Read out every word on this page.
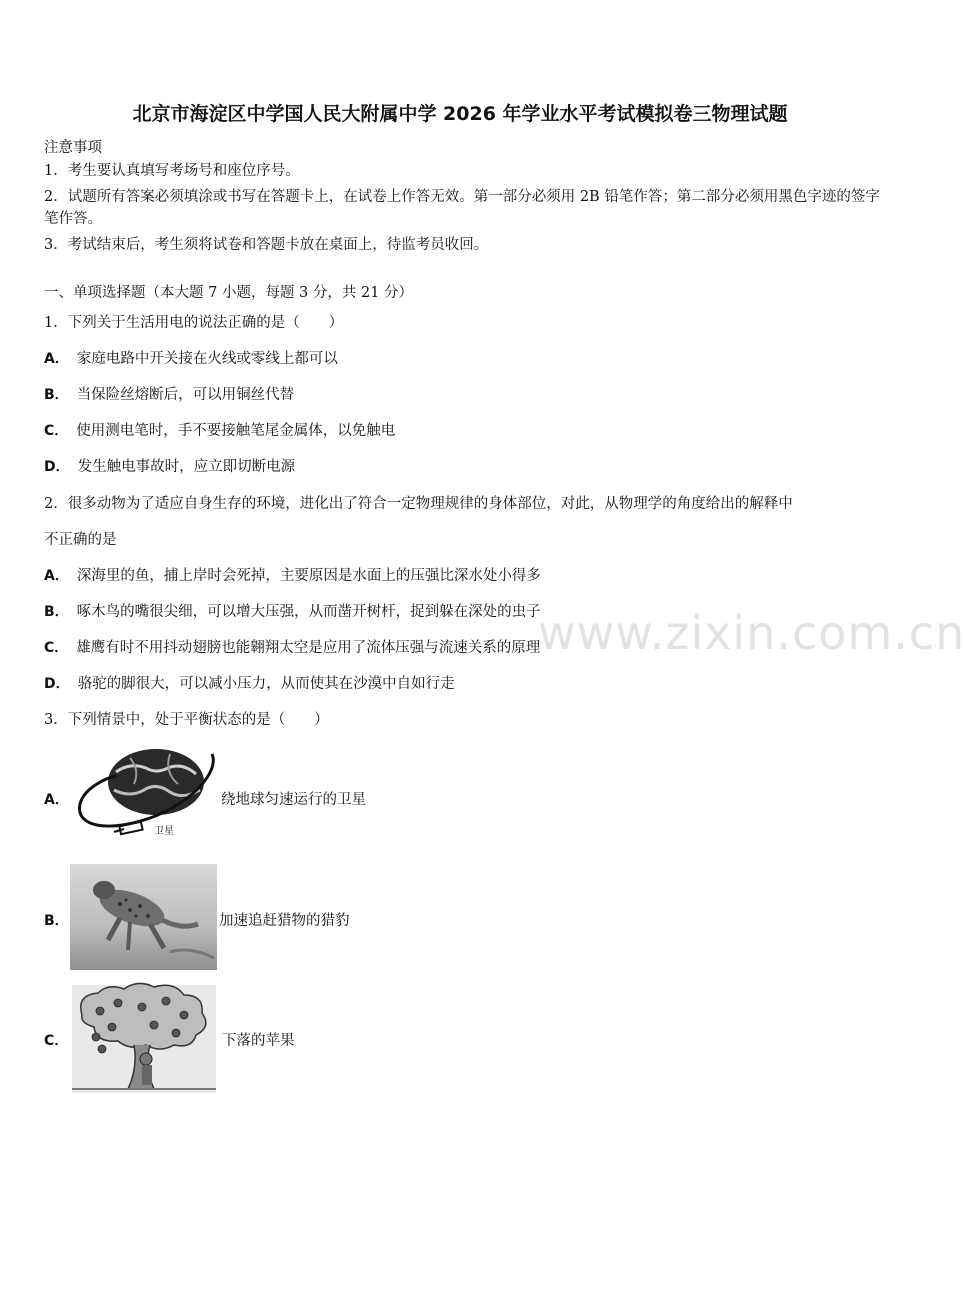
www.zixin.com.cn
北京市海淀区中学国人民大附属中学 2026 年学业水平考试模拟卷三物理试题
注意事项
1．考生要认真填写考场号和座位序号。
2．试题所有答案必须填涂或书写在答题卡上，在试卷上作答无效。第一部分必须用 2B 铅笔作答；第二部分必须用黑色字迹的签字笔作答。
3．考试结束后，考生须将试卷和答题卡放在桌面上，待监考员收回。
一、单项选择题（本大题 7 小题，每题 3 分，共 21 分）
1．下列关于生活用电的说法正确的是（　　）
A． 家庭电路中开关接在火线或零线上都可以
B． 当保险丝熔断后，可以用铜丝代替
C． 使用测电笔时，手不要接触笔尾金属体，以免触电
D． 发生触电事故时，应立即切断电源
2．很多动物为了适应自身生存的环境，进化出了符合一定物理规律的身体部位，对此，从物理学的角度给出的解释中
不正确的是
A． 深海里的鱼，捕上岸时会死掉，主要原因是水面上的压强比深水处小得多
B． 啄木鸟的嘴很尖细，可以增大压强，从而凿开树杆，捉到躲在深处的虫子
C． 雄鹰有时不用抖动翅膀也能翱翔太空是应用了流体压强与流速关系的原理
D． 骆驼的脚很大，可以减小压力，从而使其在沙漠中自如行走
3．下列情景中，处于平衡状态的是（　　）
A．
卫星
绕地球匀速运行的卫星
B．	加速追赶猎物的猎豹
C．	下落的苹果
